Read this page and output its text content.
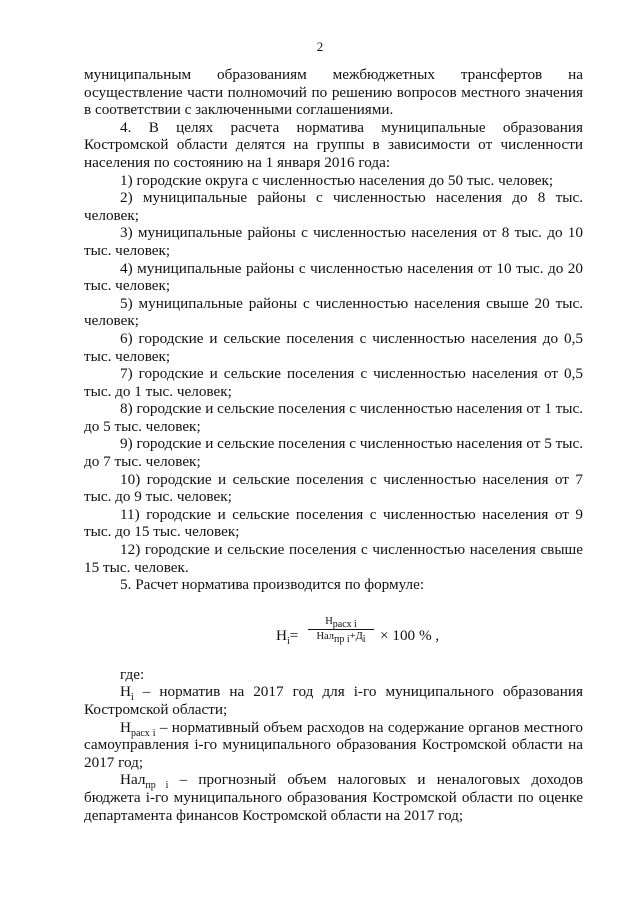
2

муниципальным образованиям межбюджетных трансфертов на осуществление части полномочий по решению вопросов местного значения в соответствии с заключенными соглашениями.

4. В целях расчета норматива муниципальные образования Костромской области делятся на группы в зависимости от численности населения по состоянию на 1 января 2016 года:

1) городские округа с численностью населения до 50 тыс. человек;

2) муниципальные районы с численностью населения до 8 тыс. человек;

3) муниципальные районы с численностью населения от 8 тыс. до 10 тыс. человек;

4) муниципальные районы с численностью населения от 10 тыс. до 20 тыс. человек;

5) муниципальные районы с численностью населения свыше 20 тыс. человек;

6) городские и сельские поселения с численностью населения до 0,5 тыс. человек;

7) городские и сельские поселения с численностью населения от 0,5 тыс. до 1 тыс. человек;

8) городские и сельские поселения с численностью населения от 1 тыс. до 5 тыс. человек;

9) городские и сельские поселения с численностью населения от 5 тыс. до 7 тыс. человек;

10) городские и сельские поселения с численностью населения от 7 тыс. до 9 тыс. человек;

11) городские и сельские поселения с численностью населения от 9 тыс. до 15 тыс. человек;

12) городские и сельские поселения с численностью населения свыше 15 тыс. человек.

5. Расчет норматива производится по формуле:

$Н_i=$
$Н_{расх i}$
$Нал_{пр i}+Д_i \times 100$ % ,

где:

$Н_i$ – норматив на 2017 год для i-го муниципального образования Костромской области;

$Н_{расх i}$ – нормативный объем расходов на содержание органов местного самоуправления i-го муниципального образования Костромской области на 2017 год;

Нал$_{пр i}$ – прогнозный объем налоговых и неналоговых доходов бюджета i-го муниципального образования Костромской области по оценке департамента финансов Костромской области на 2017 год;
